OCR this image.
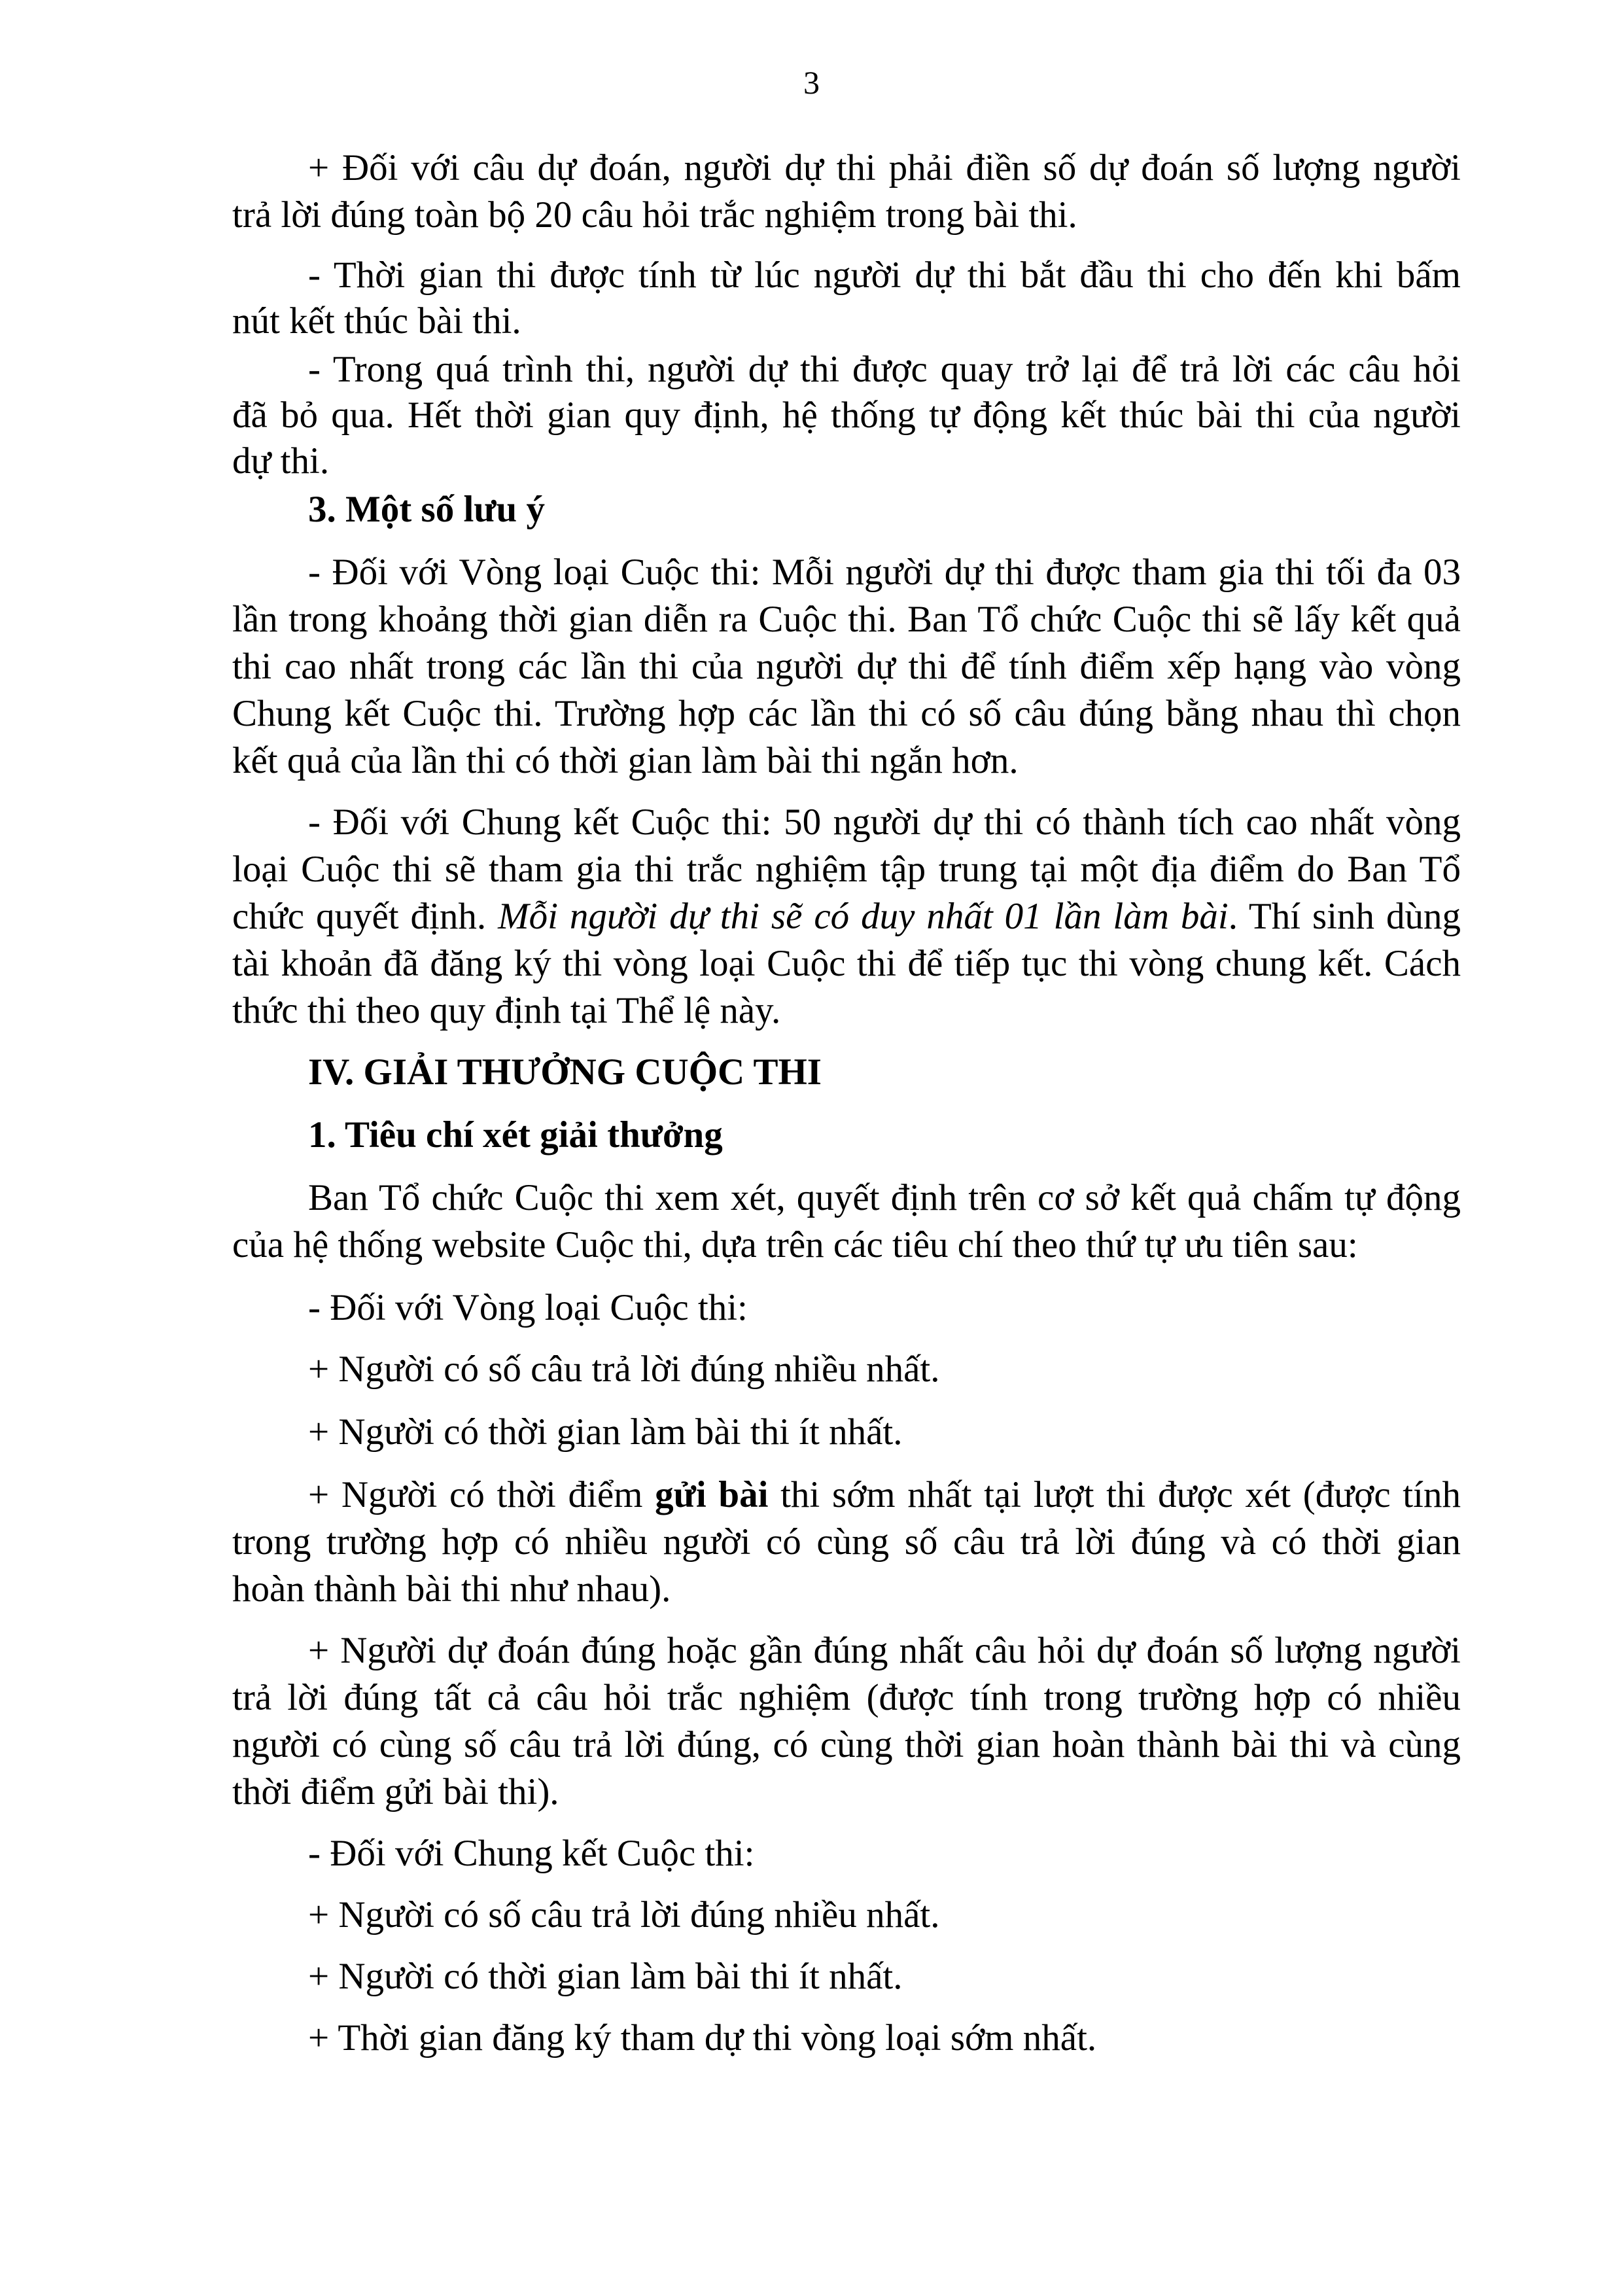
3
+ Đối với câu dự đoán, người dự thi phải điền số dự đoán số lượng người
trả lời đúng toàn bộ 20 câu hỏi trắc nghiệm trong bài thi.
- Thời gian thi được tính từ lúc người dự thi bắt đầu thi cho đến khi bấm
nút kết thúc bài thi.
- Trong quá trình thi, người dự thi được quay trở lại để trả lời các câu hỏi
đã bỏ qua. Hết thời gian quy định, hệ thống tự động kết thúc bài thi của người
dự thi.
3. Một số lưu ý
- Đối với Vòng loại Cuộc thi: Mỗi người dự thi được tham gia thi tối đa 03
lần trong khoảng thời gian diễn ra Cuộc thi. Ban Tổ chức Cuộc thi sẽ lấy kết quả
thi cao nhất trong các lần thi của người dự thi để tính điểm xếp hạng vào vòng
Chung kết Cuộc thi. Trường hợp các lần thi có số câu đúng bằng nhau thì chọn
kết quả của lần thi có thời gian làm bài thi ngắn hơn.
- Đối với Chung kết Cuộc thi: 50 người dự thi có thành tích cao nhất vòng
loại Cuộc thi sẽ tham gia thi trắc nghiệm tập trung tại một địa điểm do Ban Tổ
chức quyết định. Mỗi người dự thi sẽ có duy nhất 01 lần làm bài. Thí sinh dùng
tài khoản đã đăng ký thi vòng loại Cuộc thi để tiếp tục thi vòng chung kết. Cách
thức thi theo quy định tại Thể lệ này.
IV. GIẢI THƯỞNG CUỘC THI
1. Tiêu chí xét giải thưởng
Ban Tổ chức Cuộc thi xem xét, quyết định trên cơ sở kết quả chấm tự động
của hệ thống website Cuộc thi, dựa trên các tiêu chí theo thứ tự ưu tiên sau:
- Đối với Vòng loại Cuộc thi:
+ Người có số câu trả lời đúng nhiều nhất.
+ Người có thời gian làm bài thi ít nhất.
+ Người có thời điểm gửi bài thi sớm nhất tại lượt thi được xét (được tính
trong trường hợp có nhiều người có cùng số câu trả lời đúng và có thời gian
hoàn thành bài thi như nhau).
+ Người dự đoán đúng hoặc gần đúng nhất câu hỏi dự đoán số lượng người
trả lời đúng tất cả câu hỏi trắc nghiệm (được tính trong trường hợp có nhiều
người có cùng số câu trả lời đúng, có cùng thời gian hoàn thành bài thi và cùng
thời điểm gửi bài thi).
- Đối với Chung kết Cuộc thi:
+ Người có số câu trả lời đúng nhiều nhất.
+ Người có thời gian làm bài thi ít nhất.
+ Thời gian đăng ký tham dự thi vòng loại sớm nhất.
